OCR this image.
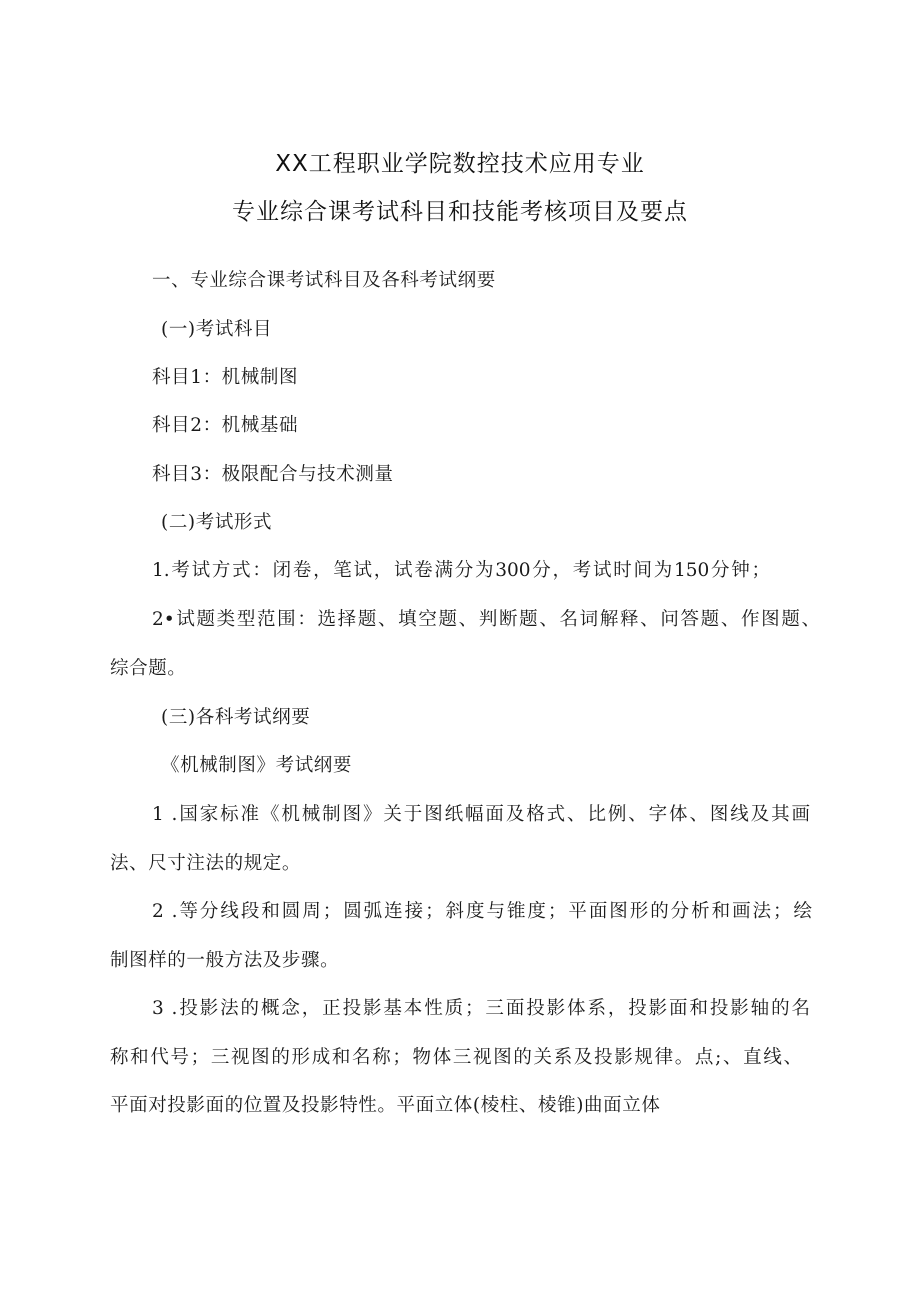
XX工程职业学院数控技术应用专业
专业综合课考试科目和技能考核项目及要点
一、专业综合课考试科目及各科考试纲要
(一)考试科目
科目1：机械制图
科目2：机械基础
科目3：极限配合与技术测量
(二)考试形式
1.考试方式：闭卷，笔试，试卷满分为300分，考试时间为150分钟；
2•试题类型范围：选择题、填空题、判断题、名词解释、问答题、作图题、
综合题。
(三)各科考试纲要
《机械制图》考试纲要
1 .国家标准《机械制图》关于图纸幅面及格式、比例、字体、图线及其画
法、尺寸注法的规定。
2 .等分线段和圆周；圆弧连接；斜度与锥度；平面图形的分析和画法；绘
制图样的一般方法及步骤。
3 .投影法的概念，正投影基本性质；三面投影体系，投影面和投影轴的名
称和代号；三视图的形成和名称；物体三视图的关系及投影规律。点;、直线、
平面对投影面的位置及投影特性。平面立体(棱柱、棱锥)曲面立体
